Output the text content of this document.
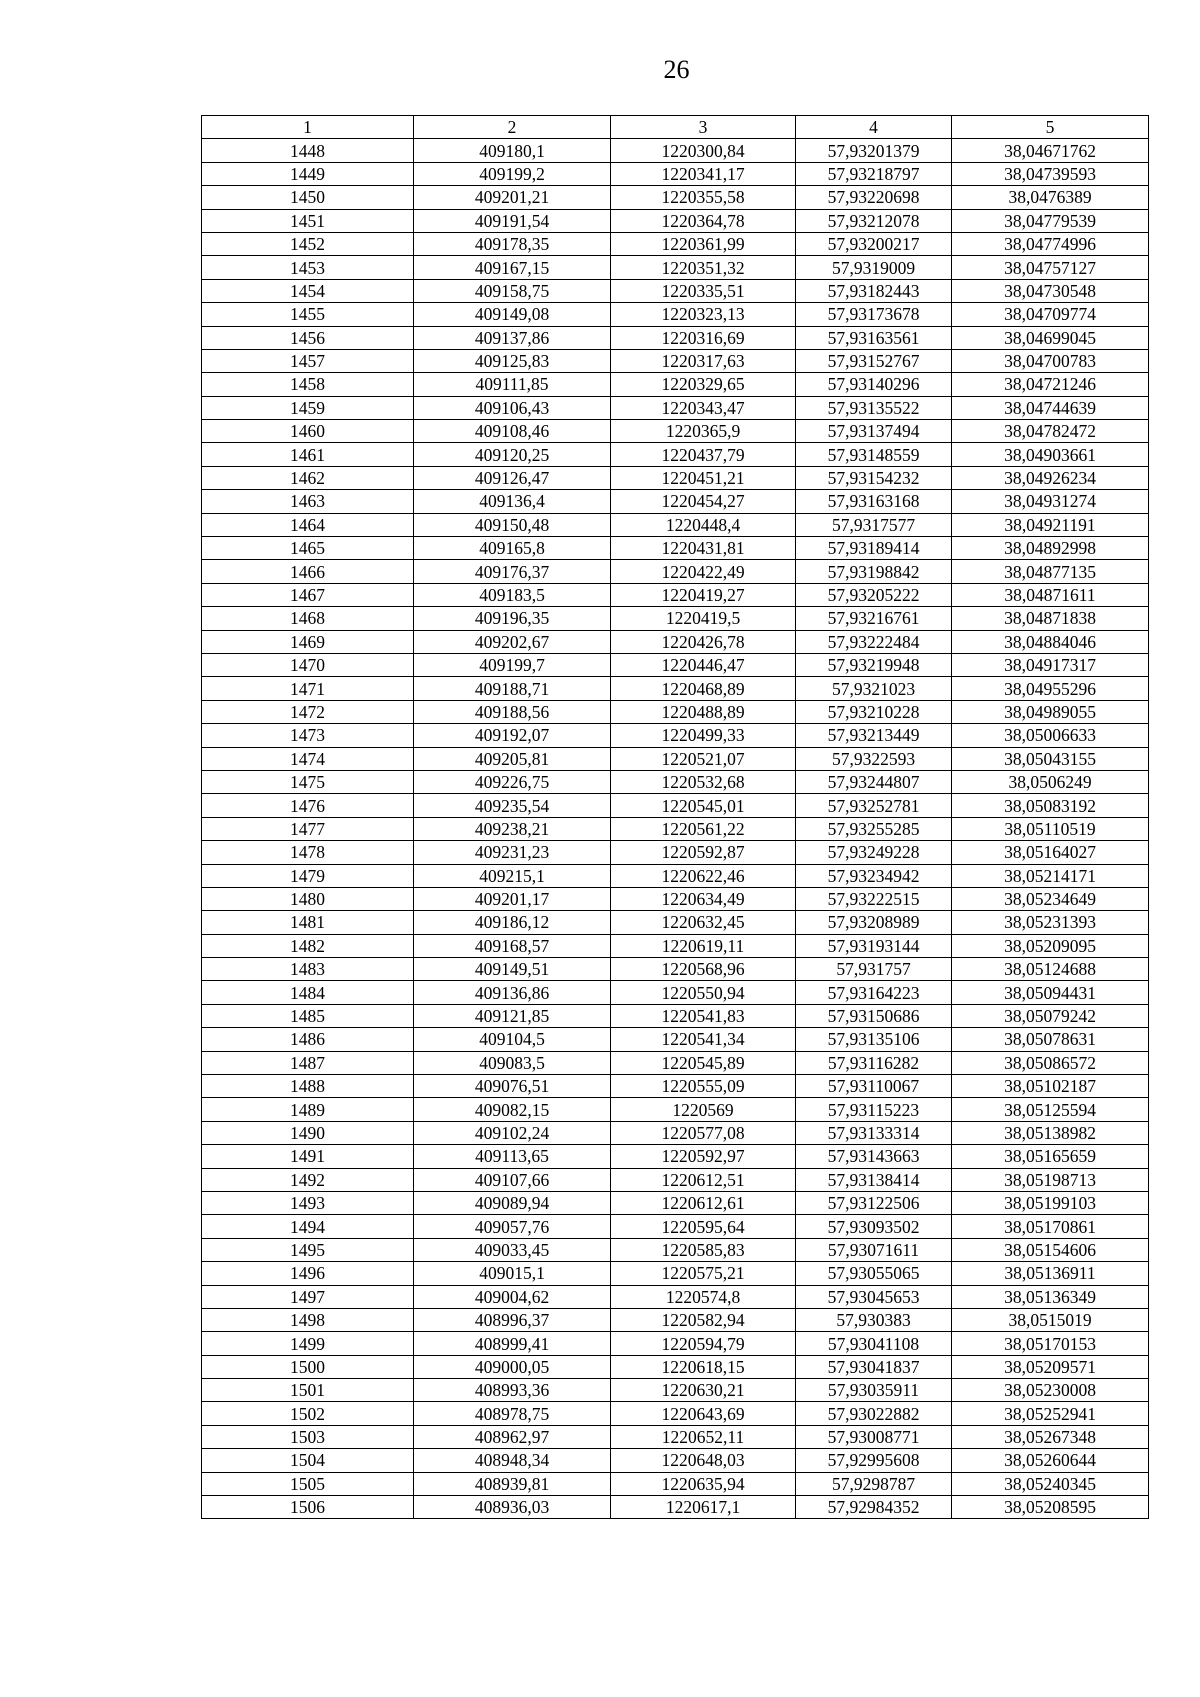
26
1	2	3	4	5
1448	409180,1	1220300,84	57,93201379	38,04671762
1449	409199,2	1220341,17	57,93218797	38,04739593
1450	409201,21	1220355,58	57,93220698	38,0476389
1451	409191,54	1220364,78	57,93212078	38,04779539
1452	409178,35	1220361,99	57,93200217	38,04774996
1453	409167,15	1220351,32	57,9319009	38,04757127
1454	409158,75	1220335,51	57,93182443	38,04730548
1455	409149,08	1220323,13	57,93173678	38,04709774
1456	409137,86	1220316,69	57,93163561	38,04699045
1457	409125,83	1220317,63	57,93152767	38,04700783
1458	409111,85	1220329,65	57,93140296	38,04721246
1459	409106,43	1220343,47	57,93135522	38,04744639
1460	409108,46	1220365,9	57,93137494	38,04782472
1461	409120,25	1220437,79	57,93148559	38,04903661
1462	409126,47	1220451,21	57,93154232	38,04926234
1463	409136,4	1220454,27	57,93163168	38,04931274
1464	409150,48	1220448,4	57,9317577	38,04921191
1465	409165,8	1220431,81	57,93189414	38,04892998
1466	409176,37	1220422,49	57,93198842	38,04877135
1467	409183,5	1220419,27	57,93205222	38,04871611
1468	409196,35	1220419,5	57,93216761	38,04871838
1469	409202,67	1220426,78	57,93222484	38,04884046
1470	409199,7	1220446,47	57,93219948	38,04917317
1471	409188,71	1220468,89	57,9321023	38,04955296
1472	409188,56	1220488,89	57,93210228	38,04989055
1473	409192,07	1220499,33	57,93213449	38,05006633
1474	409205,81	1220521,07	57,9322593	38,05043155
1475	409226,75	1220532,68	57,93244807	38,0506249
1476	409235,54	1220545,01	57,93252781	38,05083192
1477	409238,21	1220561,22	57,93255285	38,05110519
1478	409231,23	1220592,87	57,93249228	38,05164027
1479	409215,1	1220622,46	57,93234942	38,05214171
1480	409201,17	1220634,49	57,93222515	38,05234649
1481	409186,12	1220632,45	57,93208989	38,05231393
1482	409168,57	1220619,11	57,93193144	38,05209095
1483	409149,51	1220568,96	57,931757	38,05124688
1484	409136,86	1220550,94	57,93164223	38,05094431
1485	409121,85	1220541,83	57,93150686	38,05079242
1486	409104,5	1220541,34	57,93135106	38,05078631
1487	409083,5	1220545,89	57,93116282	38,05086572
1488	409076,51	1220555,09	57,93110067	38,05102187
1489	409082,15	1220569	57,93115223	38,05125594
1490	409102,24	1220577,08	57,93133314	38,05138982
1491	409113,65	1220592,97	57,93143663	38,05165659
1492	409107,66	1220612,51	57,93138414	38,05198713
1493	409089,94	1220612,61	57,93122506	38,05199103
1494	409057,76	1220595,64	57,93093502	38,05170861
1495	409033,45	1220585,83	57,93071611	38,05154606
1496	409015,1	1220575,21	57,93055065	38,05136911
1497	409004,62	1220574,8	57,93045653	38,05136349
1498	408996,37	1220582,94	57,930383	38,0515019
1499	408999,41	1220594,79	57,93041108	38,05170153
1500	409000,05	1220618,15	57,93041837	38,05209571
1501	408993,36	1220630,21	57,93035911	38,05230008
1502	408978,75	1220643,69	57,93022882	38,05252941
1503	408962,97	1220652,11	57,93008771	38,05267348
1504	408948,34	1220648,03	57,92995608	38,05260644
1505	408939,81	1220635,94	57,9298787	38,05240345
1506	408936,03	1220617,1	57,92984352	38,05208595
